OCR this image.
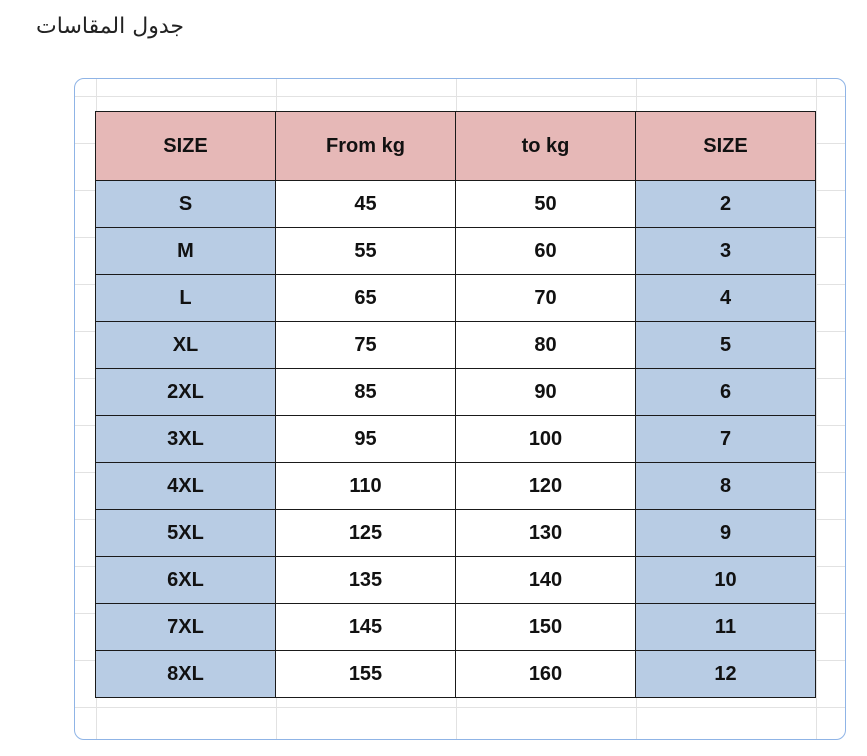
جدول المقاسات
SIZE	From kg	to kg	SIZE
S	45	50	2
M	55	60	3
L	65	70	4
XL	75	80	5
2XL	85	90	6
3XL	95	100	7
4XL	110	120	8
5XL	125	130	9
6XL	135	140	10
7XL	145	150	11
8XL	155	160	12
